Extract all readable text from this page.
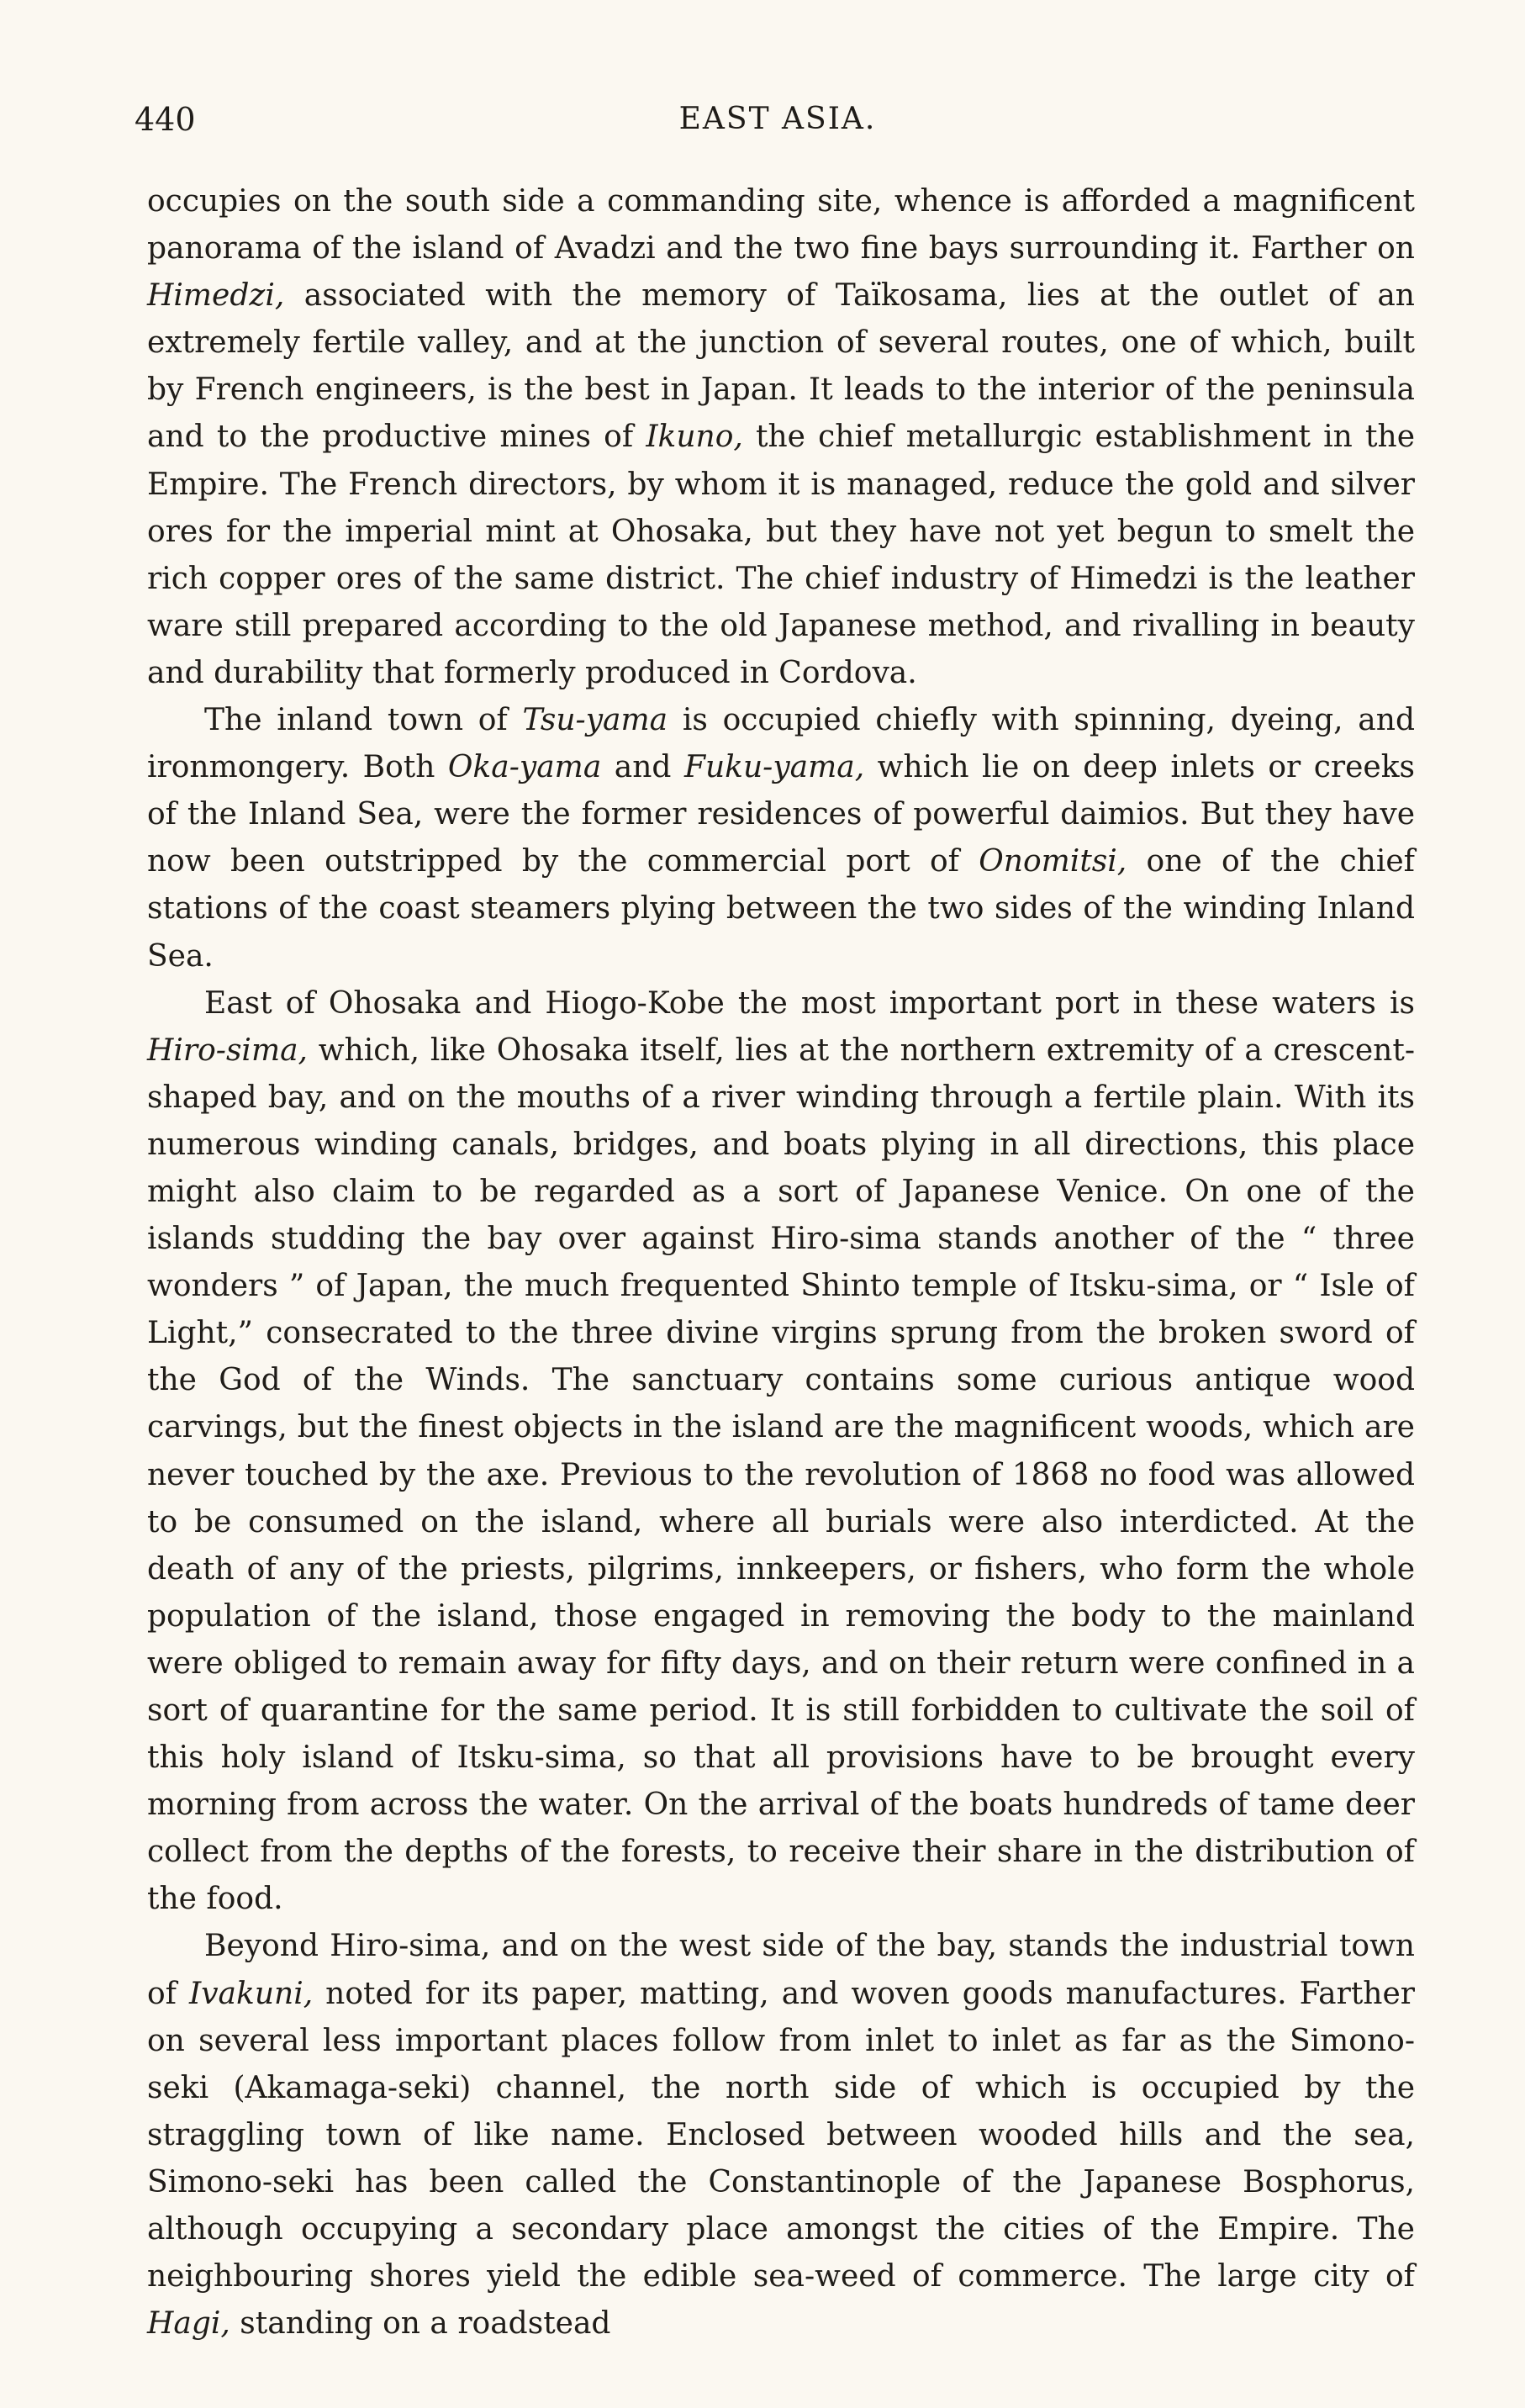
440	EAST ASIA.

occupies on the south side a commanding site, whence is afforded a magnificent panorama of the island of Avadzi and the two fine bays surrounding it. Farther on Himedzi, associated with the memory of Taïkosama, lies at the outlet of an extremely fertile valley, and at the junction of several routes, one of which, built by French engineers, is the best in Japan. It leads to the interior of the peninsula and to the productive mines of Ikuno, the chief metallurgic establishment in the Empire. The French directors, by whom it is managed, reduce the gold and silver ores for the imperial mint at Ohosaka, but they have not yet begun to smelt the rich copper ores of the same district. The chief industry of Himedzi is the leather ware still prepared according to the old Japanese method, and rivalling in beauty and durability that formerly produced in Cordova.

The inland town of Tsu-yama is occupied chiefly with spinning, dyeing, and ironmongery. Both Oka-yama and Fuku-yama, which lie on deep inlets or creeks of the Inland Sea, were the former residences of powerful daimios. But they have now been outstripped by the commercial port of Onomitsi, one of the chief stations of the coast steamers plying between the two sides of the winding Inland Sea.

East of Ohosaka and Hiogo-Kobe the most important port in these waters is Hiro-sima, which, like Ohosaka itself, lies at the northern extremity of a crescent-shaped bay, and on the mouths of a river winding through a fertile plain. With its numerous winding canals, bridges, and boats plying in all directions, this place might also claim to be regarded as a sort of Japanese Venice. On one of the islands studding the bay over against Hiro-sima stands another of the “ three wonders ” of Japan, the much frequented Shinto temple of Itsku-sima, or “ Isle of Light,” consecrated to the three divine virgins sprung from the broken sword of the God of the Winds. The sanctuary contains some curious antique wood carvings, but the finest objects in the island are the magnificent woods, which are never touched by the axe. Previous to the revolution of 1868 no food was allowed to be consumed on the island, where all burials were also interdicted. At the death of any of the priests, pilgrims, innkeepers, or fishers, who form the whole population of the island, those engaged in removing the body to the mainland were obliged to remain away for fifty days, and on their return were confined in a sort of quarantine for the same period. It is still forbidden to cultivate the soil of this holy island of Itsku-sima, so that all provisions have to be brought every morning from across the water. On the arrival of the boats hundreds of tame deer collect from the depths of the forests, to receive their share in the distribution of the food.

Beyond Hiro-sima, and on the west side of the bay, stands the industrial town of Ivakuni, noted for its paper, matting, and woven goods manufactures. Farther on several less important places follow from inlet to inlet as far as the Simono-seki (Akamaga-seki) channel, the north side of which is occupied by the straggling town of like name. Enclosed between wooded hills and the sea, Simono-seki has been called the Constantinople of the Japanese Bosphorus, although occupying a secondary place amongst the cities of the Empire. The neighbouring shores yield the edible sea-weed of commerce. The large city of Hagi, standing on a roadstead
